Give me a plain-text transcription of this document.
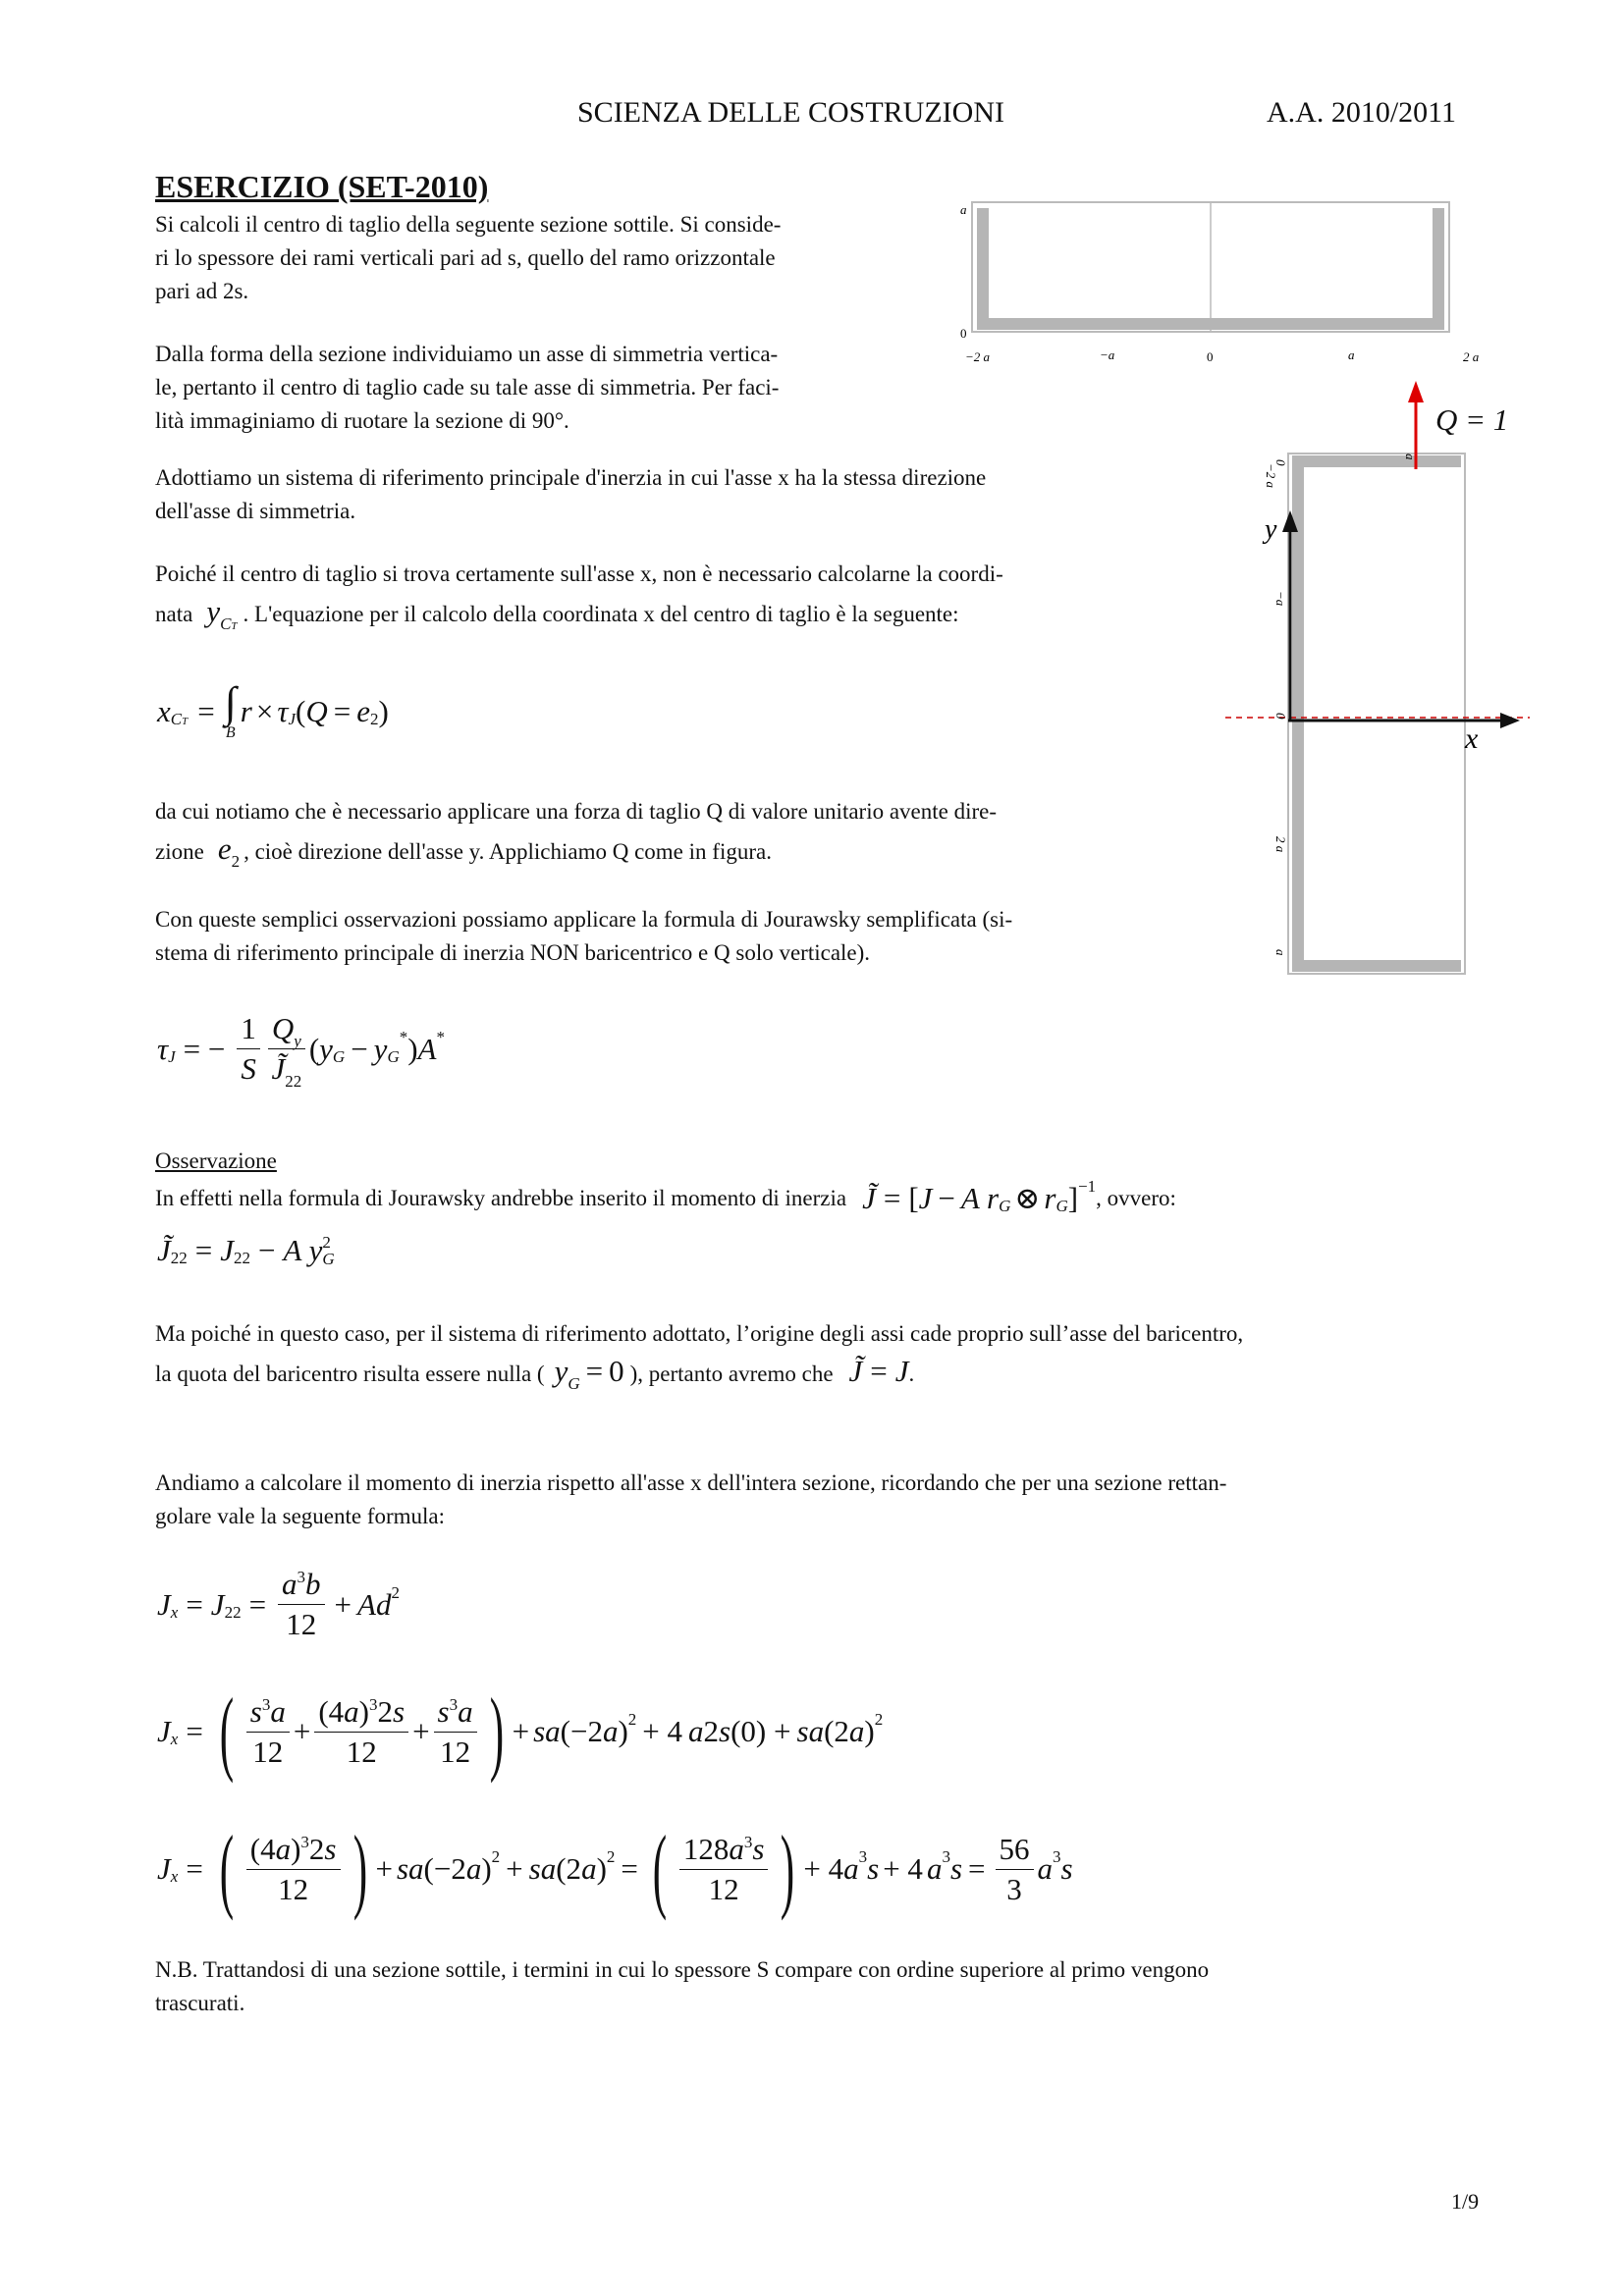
SCIENZA DELLE COSTRUZIONI	A.A. 2010/2011
ESERCIZIO (SET-2010)
Si calcoli il centro di taglio della seguente sezione sottile. Si conside-
ri lo spessore dei rami verticali pari ad s, quello del ramo orizzontale
pari ad 2s.
Dalla forma della sezione individuiamo un asse di simmetria vertica-
le, pertanto il centro di taglio cade su tale asse di simmetria. Per faci-
lità immaginiamo di ruotare la sezione di 90°.
a
0
−2 a	−a	0	a	2 a
y
x
0
−2 a
−a
0
2 a
a
a
Q = 1
Adottiamo un sistema di riferimento principale d'inerzia in cui l'asse x ha la stessa direzione
dell'asse di simmetria.
Poiché il centro di taglio si trova certamente sull'asse x, non è necessario calcolarne la coordi-
nata $y_{CT}$ . L'equazione per il calcolo della coordinata x del centro di taglio è la seguente:
x CT = ∫
B
r × τ J ( Q = e 2 )
da cui notiamo che è necessario applicare una forza di taglio Q di valore unitario avente dire-
zione $e_2$ , cioè direzione dell'asse y. Applichiamo Q come in figura.
Con queste semplici osservazioni possiamo applicare la formula di Jourawsky semplificata (si-
stema di riferimento principale di inerzia NON baricentrico e Q solo verticale).
τ J = − $\frac{1}{S} \frac{Qy}{J̃22}$ ( y G − y G
* ) A *
Osservazione
In effetti nella formula di Jourawsky andrebbe inserito il momento di inerzia J̃ = [ J − A r G ⊗ r G ] −1 , ovvero:
J̃ 22 = J 22 − A y 2
G
Ma poiché in questo caso, per il sistema di riferimento adottato, l’origine degli assi cade proprio sull’asse del baricentro,
la quota del baricentro risulta essere nulla ( $y_G = 0$ ), pertanto avremo che J̃ = J .
Andiamo a calcolare il momento di inerzia rispetto all'asse x dell'intera sezione, ricordando che per una sezione rettan-
golare vale la seguente formula:
J x = J $22 = \frac{a3b}{12} + Ad$ 2
J x = ( $\frac{s3a}{12} + \frac{(4a)32s}{12} + \frac{s3a}{12}$ ) + sa (−2 a ) 2 + 4 a 2 s (0) + sa (2 a ) 2
J x = ( $\frac{(4a)32s}{12}$ ) + sa (−2 a ) 2 + sa (2 a ) 2 = ( $\frac{128a3s}{12}$ ) + 4 a 3 s + 4 a 3 $s = \frac{56}{3}$ a 3 s
N.B. Trattandosi di una sezione sottile, i termini in cui lo spessore S compare con ordine superiore al primo vengono
trascurati.
1/9
